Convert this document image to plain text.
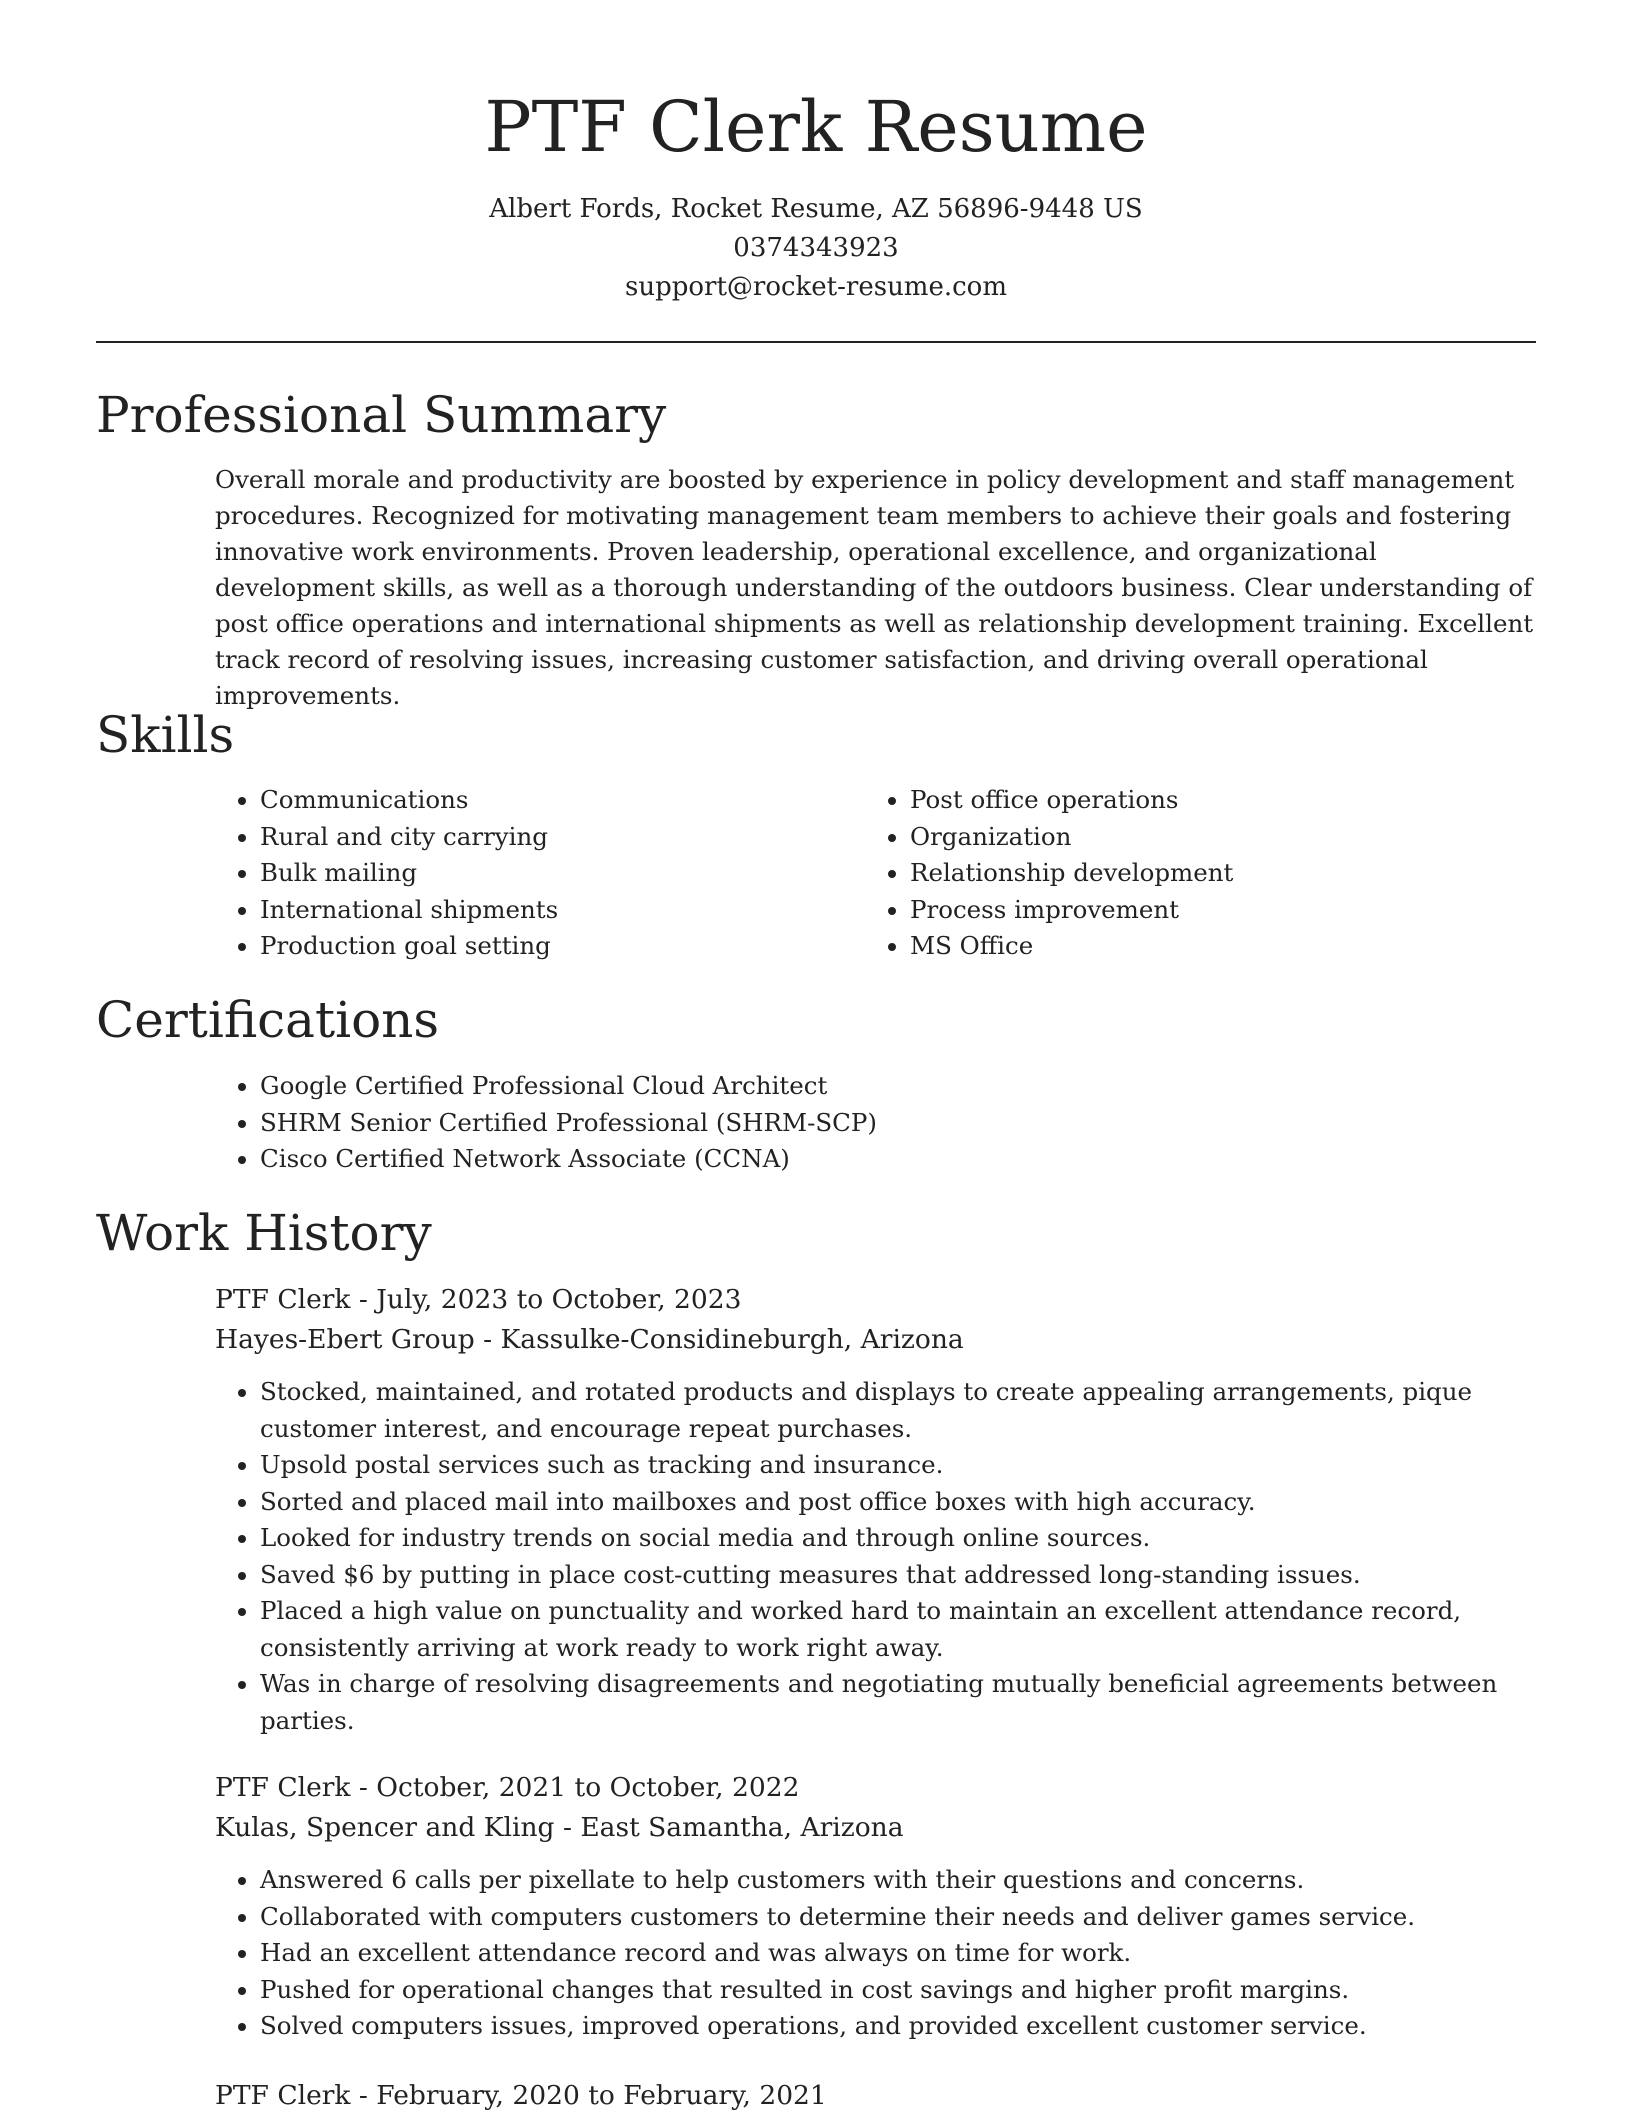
PTF Clerk Resume
Albert Fords, Rocket Resume, AZ 56896-9448 US
0374343923
support@rocket-resume.com
Professional Summary

Overall morale and productivity are boosted by experience in policy development and staff management procedures. Recognized for motivating management team members to achieve their goals and fostering innovative work environments. Proven leadership, operational excellence, and organizational development skills, as well as a thorough understanding of the outdoors business. Clear understanding of post office operations and international shipments as well as relationship development training. Excellent track record of resolving issues, increasing customer satisfaction, and driving overall operational improvements.

Skills
• Communications
• Rural and city carrying
• Bulk mailing
• International shipments
• Production goal setting
• Post office operations
• Organization
• Relationship development
• Process improvement
• MS Office
Certifications
• Google Certified Professional Cloud Architect
• SHRM Senior Certified Professional (SHRM-SCP)
• Cisco Certified Network Associate (CCNA)
Work History
PTF Clerk - July, 2023 to October, 2023
Hayes-Ebert Group - Kassulke-Considineburgh, Arizona
• Stocked, maintained, and rotated products and displays to create appealing arrangements, pique customer interest, and encourage repeat purchases.
• Upsold postal services such as tracking and insurance.
• Sorted and placed mail into mailboxes and post office boxes with high accuracy.
• Looked for industry trends on social media and through online sources.
• Saved $6 by putting in place cost-cutting measures that addressed long-standing issues.
• Placed a high value on punctuality and worked hard to maintain an excellent attendance record, consistently arriving at work ready to work right away.
• Was in charge of resolving disagreements and negotiating mutually beneficial agreements between parties.
PTF Clerk - October, 2021 to October, 2022
Kulas, Spencer and Kling - East Samantha, Arizona
• Answered 6 calls per pixellate to help customers with their questions and concerns.
• Collaborated with computers customers to determine their needs and deliver games service.
• Had an excellent attendance record and was always on time for work.
• Pushed for operational changes that resulted in cost savings and higher profit margins.
• Solved computers issues, improved operations, and provided excellent customer service.
PTF Clerk - February, 2020 to February, 2021
